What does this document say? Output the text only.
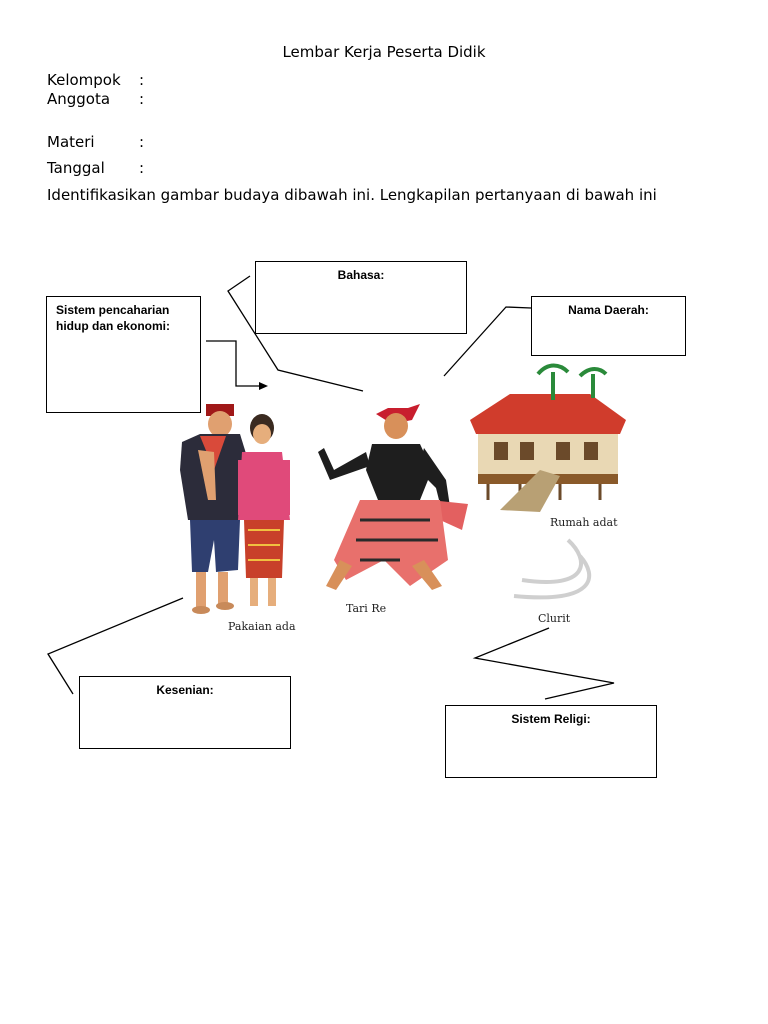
Lembar Kerja Peserta Didik
Kelompok :
Anggota :
Materi	:
Tanggal :
Identifikasikan gambar budaya dibawah ini. Lengkapilan pertanyaan di bawah ini
Pakaian ada
Tari Re
Rumah adat
Clurit
Bahasa:
Nama Daerah:
Sistem pencaharian hidup dan ekonomi:
Kesenian:
Sistem Religi:
